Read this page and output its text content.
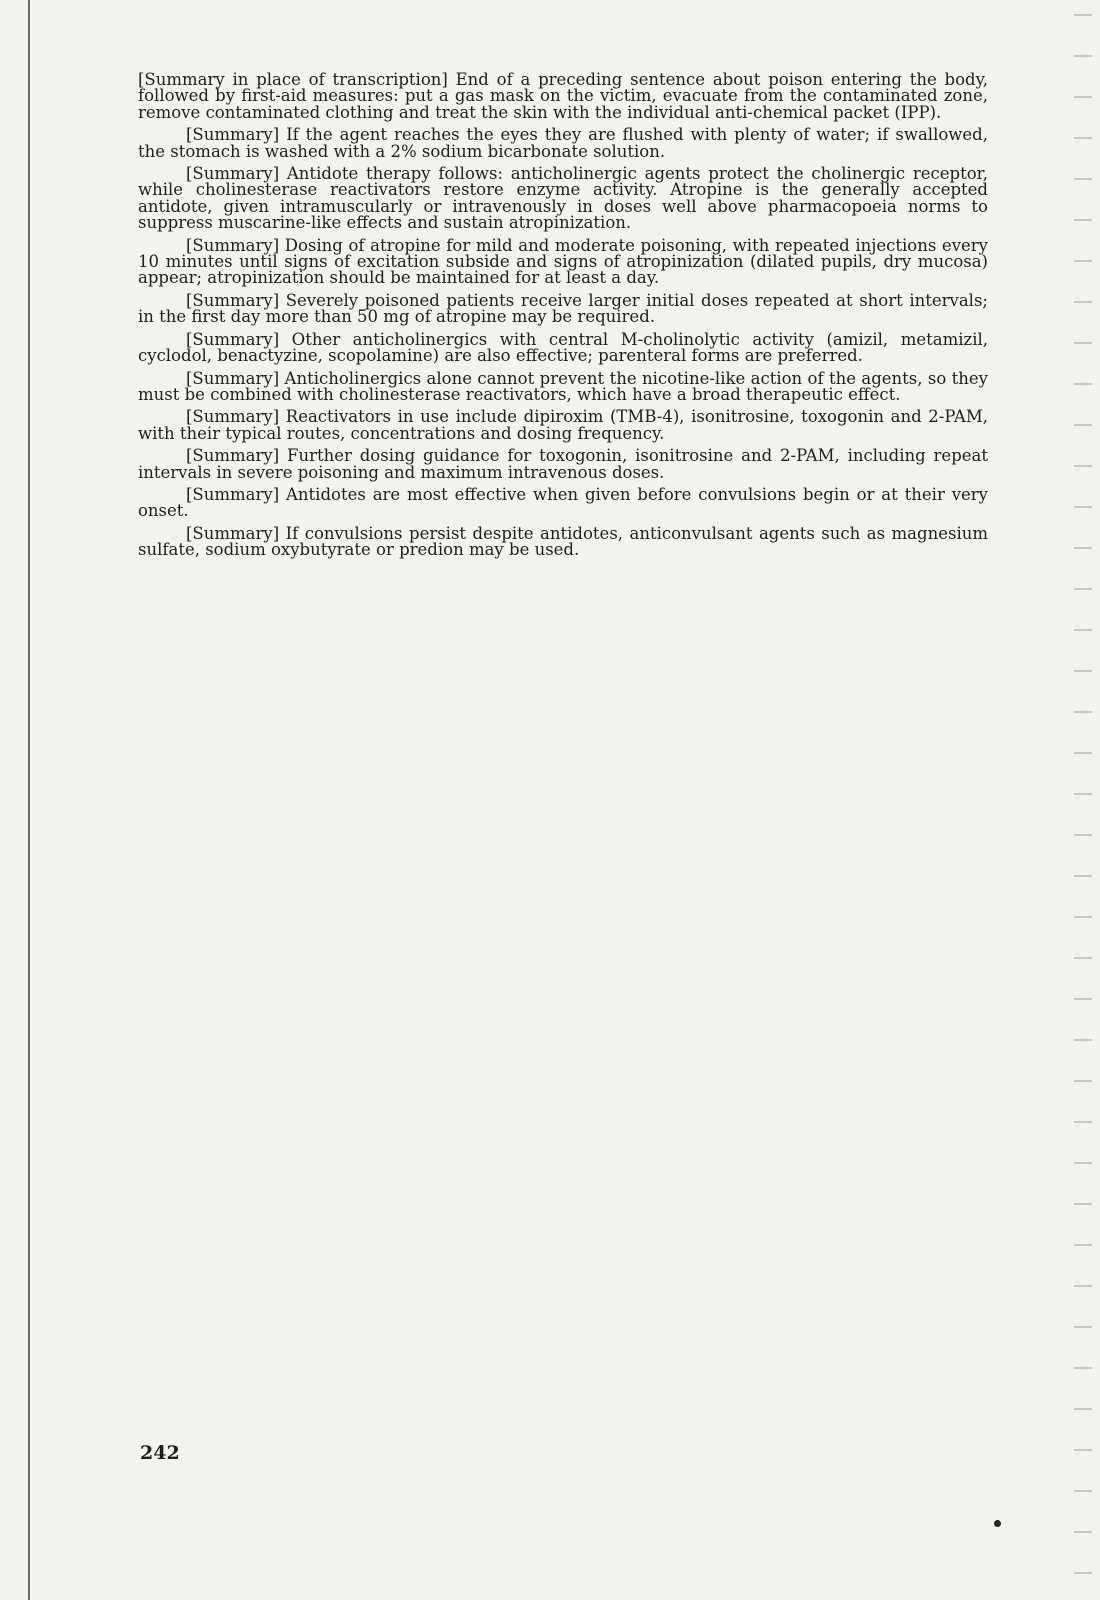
[Summary in place of transcription] End of a preceding sentence about poison entering the body, followed by first-aid measures: put a gas mask on the victim, evacuate from the contaminated zone, remove contaminated clothing and treat the skin with the individual anti-chemical packet (IPP).

[Summary] If the agent reaches the eyes they are flushed with plenty of water; if swallowed, the stomach is washed with a 2% sodium bicarbonate solution.

[Summary] Antidote therapy follows: anticholinergic agents protect the cholinergic receptor, while cholinesterase reactivators restore enzyme activity. Atropine is the generally accepted antidote, given intramuscularly or intravenously in doses well above pharmacopoeia norms to suppress muscarine-like effects and sustain atropinization.

[Summary] Dosing of atropine for mild and moderate poisoning, with repeated injections every 10 minutes until signs of excitation subside and signs of atropinization (dilated pupils, dry mucosa) appear; atropinization should be maintained for at least a day.

[Summary] Severely poisoned patients receive larger initial doses repeated at short intervals; in the first day more than 50 mg of atropine may be required.

[Summary] Other anticholinergics with central M-cholinolytic activity (amizil, metamizil, cyclodol, benactyzine, scopolamine) are also effective; parenteral forms are preferred.

[Summary] Anticholinergics alone cannot prevent the nicotine-like action of the agents, so they must be combined with cholinesterase reactivators, which have a broad therapeutic effect.

[Summary] Reactivators in use include dipiroxim (TMB-4), isonitrosine, toxogonin and 2-PAM, with their typical routes, concentrations and dosing frequency.

[Summary] Further dosing guidance for toxogonin, isonitrosine and 2-PAM, including repeat intervals in severe poisoning and maximum intravenous doses.

[Summary] Antidotes are most effective when given before convulsions begin or at their very onset.

[Summary] If convulsions persist despite antidotes, anticonvulsant agents such as magnesium sulfate, sodium oxybutyrate or predion may be used.

242
